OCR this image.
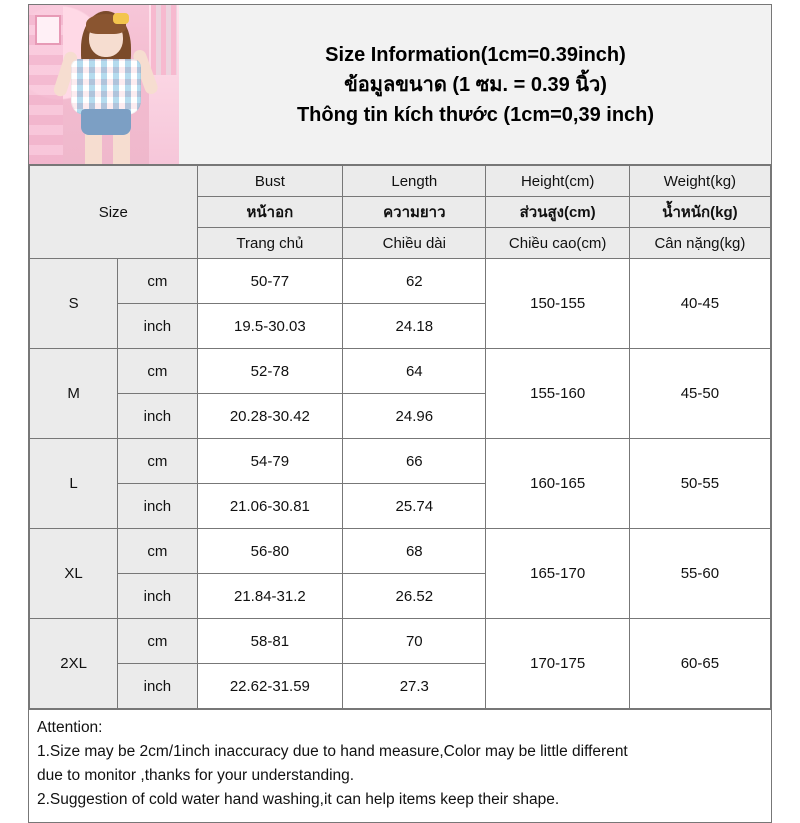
Size Information(1cm=0.39inch)
ข้อมูลขนาด (1 ซม. = 0.39 นิ้ว)
Thông tin kích thước (1cm=0,39 inch)
Size		Bust	Length	Height(cm)	Weight(kg)
		หน้าอก	ความยาว	ส่วนสูง(cm)	น้ำหนัก(kg)
		Trang chủ	Chiều dài	Chiều cao(cm)	Cân nặng(kg)
S	cm	50-77	62	150-155	40-45
	inch	19.5-30.03	24.18		
M	cm	52-78	64	155-160	45-50
	inch	20.28-30.42	24.96		
L	cm	54-79	66	160-165	50-55
	inch	21.06-30.81	25.74		
XL	cm	56-80	68	165-170	55-60
	inch	21.84-31.2	26.52		
2XL	cm	58-81	70	170-175	60-65
	inch	22.62-31.59	27.3		
Attention:
1.Size may be 2cm/1inch inaccuracy due to hand measure,Color may be little different
due to monitor ,thanks for your understanding.
2.Suggestion of cold water hand washing,it can help items keep their shape.
